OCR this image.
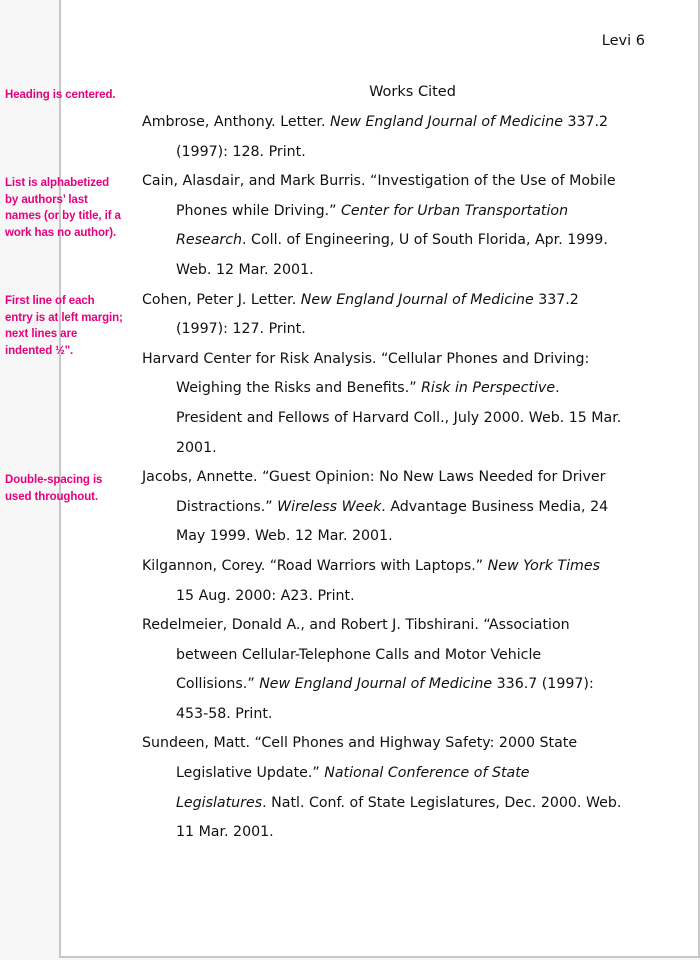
Levi 6
Works Cited
Heading is centered.
List is alphabetized by authors’ last names (or by title, if a work has no author).
First line of each entry is at left margin; next lines are indented ½".
Double-spacing is used throughout.

Ambrose, Anthony. Letter. New England Journal of Medicine 337.2 (1997): 128. Print.

Cain, Alasdair, and Mark Burris. “Investigation of the Use of Mobile Phones while Driving.” Center for Urban Transportation Research. Coll. of Engineering, U of South Florida, Apr. 1999. Web. 12 Mar. 2001.

Cohen, Peter J. Letter. New England Journal of Medicine 337.2 (1997): 127. Print.

Harvard Center for Risk Analysis. “Cellular Phones and Driving: Weighing the Risks and Benefits.” Risk in Perspective. President and Fellows of Harvard Coll., July 2000. Web. 15 Mar. 2001.

Jacobs, Annette. “Guest Opinion: No New Laws Needed for Driver Distractions.” Wireless Week. Advantage Business Media, 24 May 1999. Web. 12 Mar. 2001.

Kilgannon, Corey. “Road Warriors with Laptops.” New York Times 15 Aug. 2000: A23. Print.

Redelmeier, Donald A., and Robert J. Tibshirani. “Association between Cellular-Telephone Calls and Motor Vehicle Collisions.” New England Journal of Medicine 336.7 (1997): 453-58. Print.

Sundeen, Matt. “Cell Phones and Highway Safety: 2000 State Legislative Update.” National Conference of State Legislatures. Natl. Conf. of State Legislatures, Dec. 2000. Web. 11 Mar. 2001.
